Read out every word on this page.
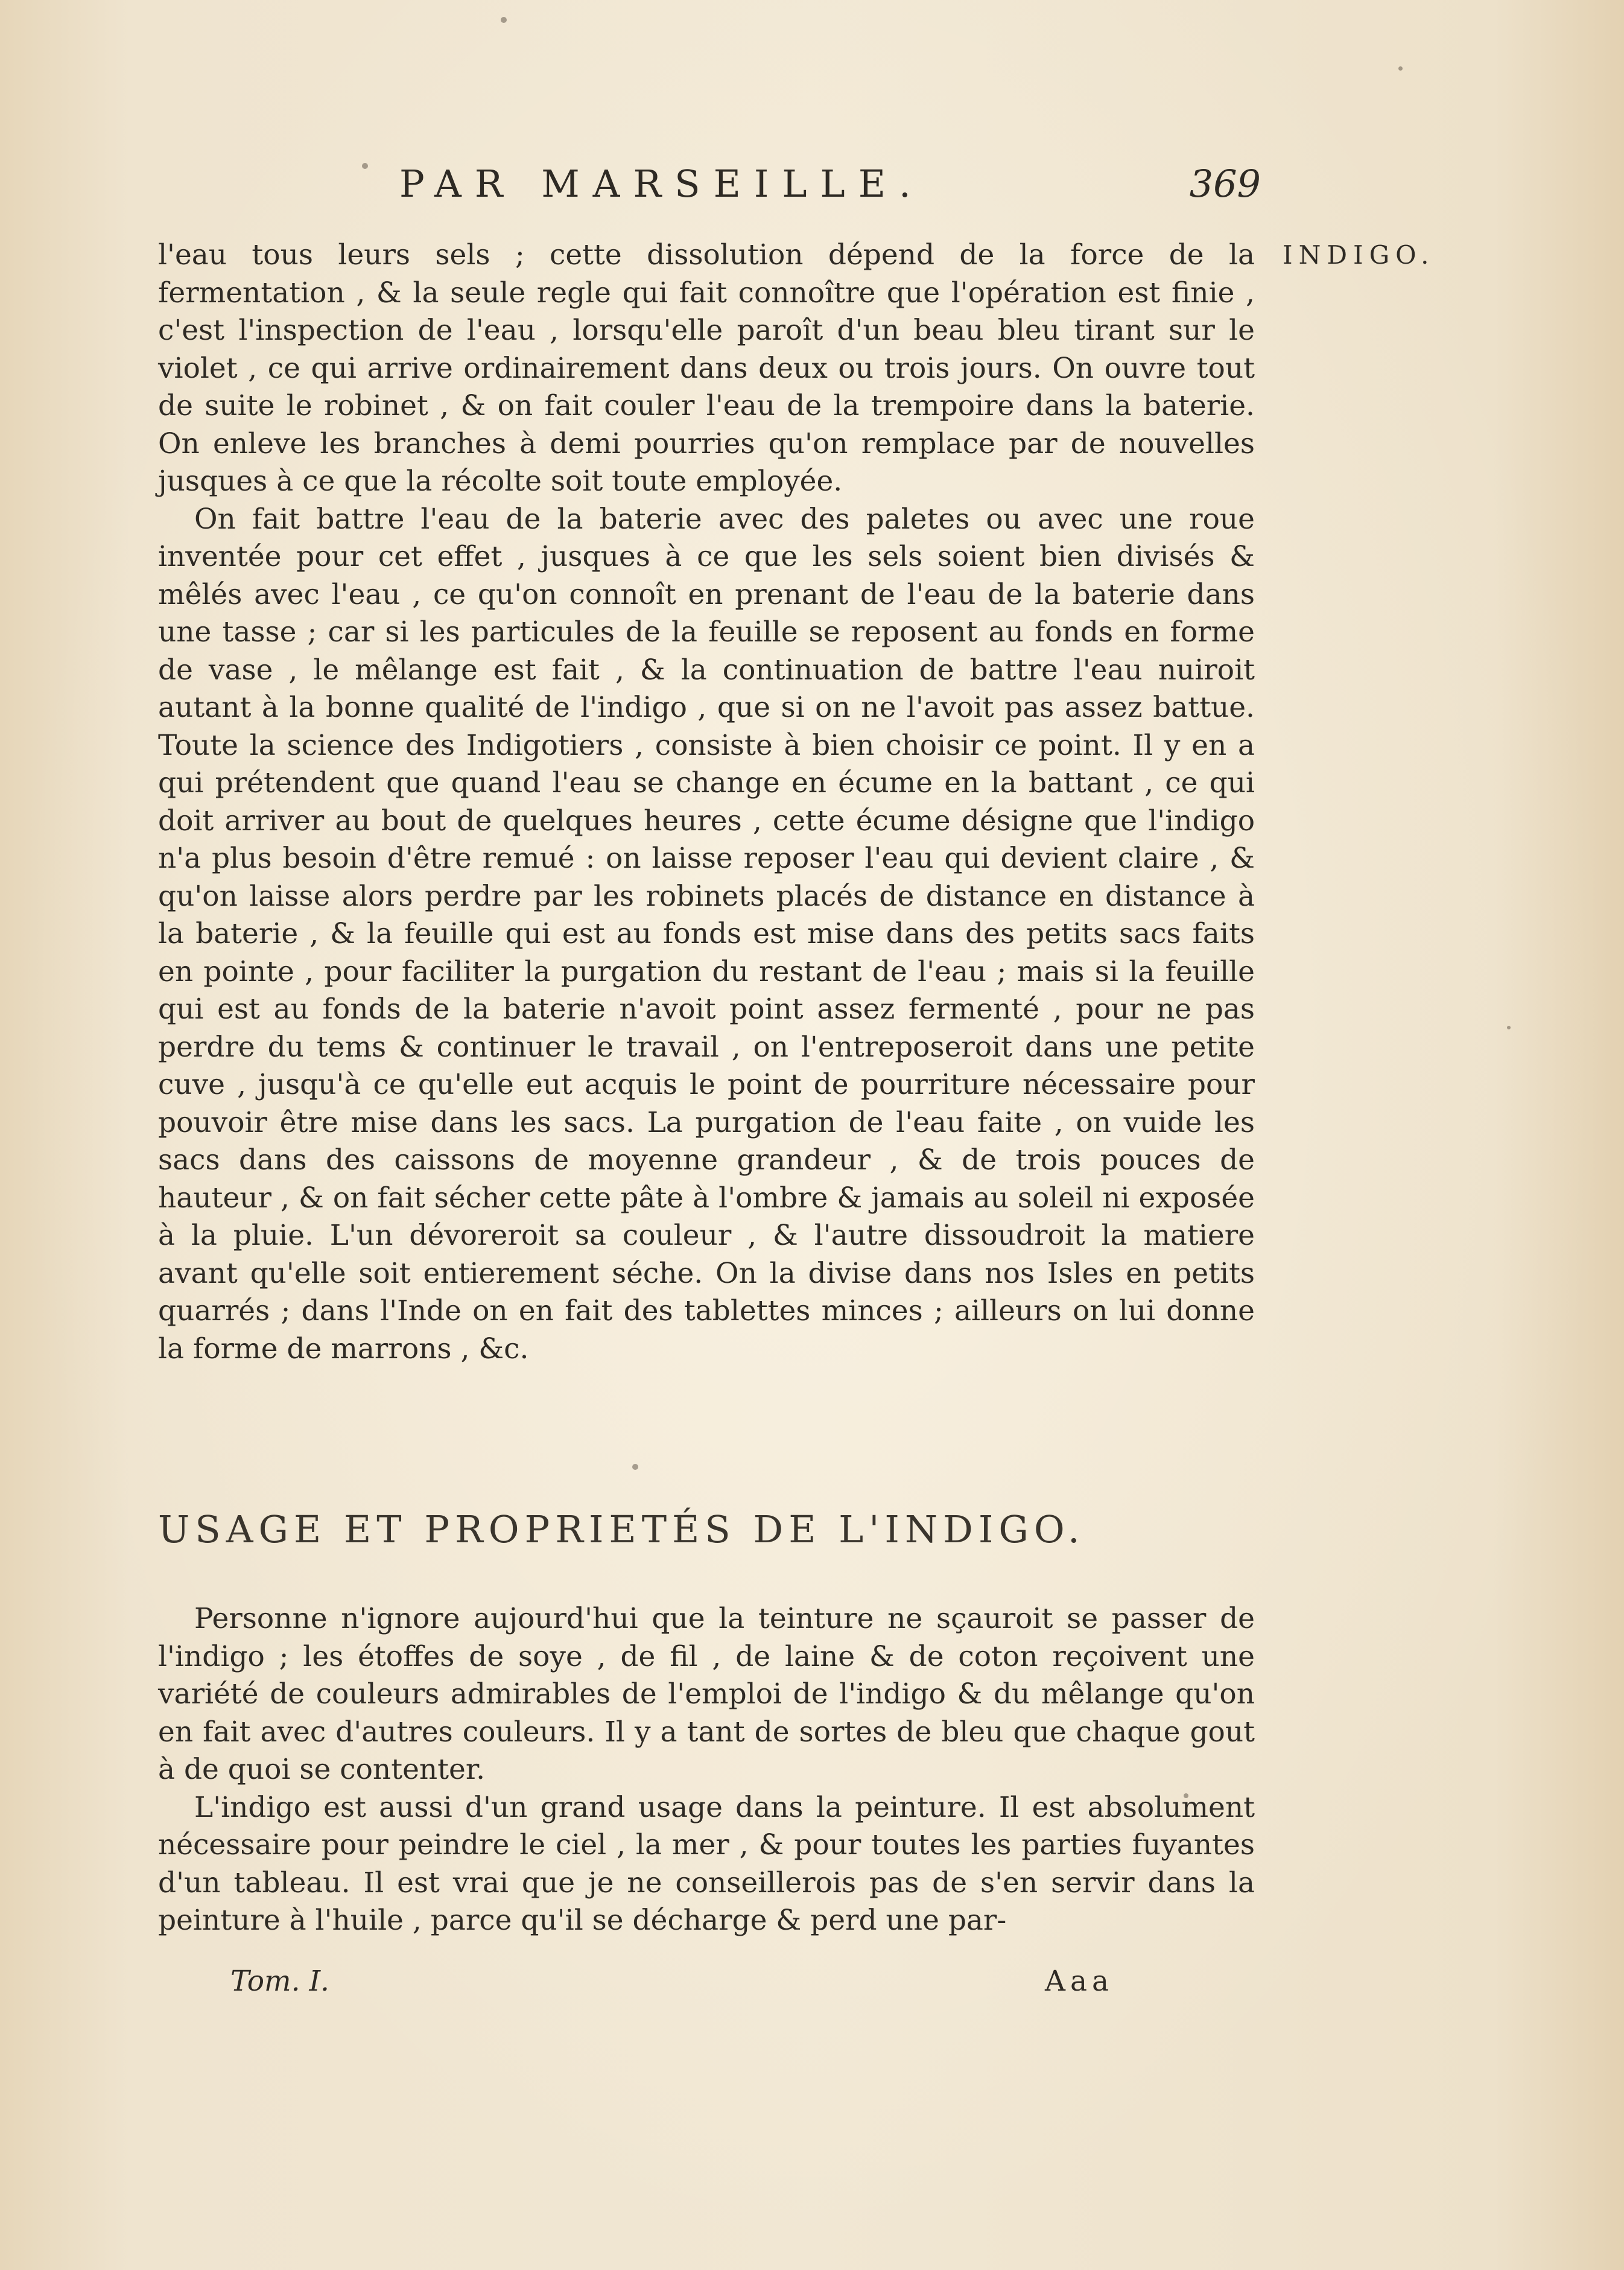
PAR MARSEILLE.	369
INDIGO.

l'eau tous leurs sels ; cette dissolution dépend de la force de la fermentation , & la seule regle qui fait connoître que l'opération est finie , c'est l'inspection de l'eau , lorsqu'elle paroît d'un beau bleu tirant sur le violet , ce qui arrive ordinairement dans deux ou trois jours. On ouvre tout de suite le robinet , & on fait couler l'eau de la trempoire dans la baterie. On enleve les branches à demi pourries qu'on remplace par de nouvelles jusques à ce que la récolte soit toute employée.

On fait battre l'eau de la baterie avec des paletes ou avec une roue inventée pour cet effet , jusques à ce que les sels soient bien divisés & mêlés avec l'eau , ce qu'on connoît en prenant de l'eau de la baterie dans une tasse ; car si les particules de la feuille se reposent au fonds en forme de vase , le mêlange est fait , & la continuation de battre l'eau nuiroit autant à la bonne qualité de l'indigo , que si on ne l'avoit pas assez battue. Toute la science des Indigotiers , consiste à bien choisir ce point. Il y en a qui prétendent que quand l'eau se change en écume en la battant , ce qui doit arriver au bout de quelques heures , cette écume désigne que l'indigo n'a plus besoin d'être remué : on laisse reposer l'eau qui devient claire , & qu'on laisse alors perdre par les robinets placés de distance en distance à la baterie , & la feuille qui est au fonds est mise dans des petits sacs faits en pointe , pour faciliter la purgation du restant de l'eau ; mais si la feuille qui est au fonds de la baterie n'avoit point assez fermenté , pour ne pas perdre du tems & continuer le travail , on l'entreposeroit dans une petite cuve , jusqu'à ce qu'elle eut acquis le point de pourriture nécessaire pour pouvoir être mise dans les sacs. La purgation de l'eau faite , on vuide les sacs dans des caissons de moyenne grandeur , & de trois pouces de hauteur , & on fait sécher cette pâte à l'ombre & jamais au soleil ni exposée à la pluie. L'un dévoreroit sa couleur , & l'autre dissoudroit la matiere avant qu'elle soit entierement séche. On la divise dans nos Isles en petits quarrés ; dans l'Inde on en fait des tablettes minces ; ailleurs on lui donne la forme de marrons , &c.

USAGE ET PROPRIETÉS DE L'INDIGO.

Personne n'ignore aujourd'hui que la teinture ne sçauroit se passer de l'indigo ; les étoffes de soye , de fil , de laine & de coton reçoivent une variété de couleurs admirables de l'emploi de l'indigo & du mêlange qu'on en fait avec d'autres couleurs. Il y a tant de sortes de bleu que chaque gout à de quoi se contenter.

L'indigo est aussi d'un grand usage dans la peinture. Il est absolument nécessaire pour peindre le ciel , la mer , & pour toutes les parties fuyantes d'un tableau. Il est vrai que je ne conseillerois pas de s'en servir dans la peinture à l'huile , parce qu'il se décharge & perd une par-

Tom. I.	Aaa
